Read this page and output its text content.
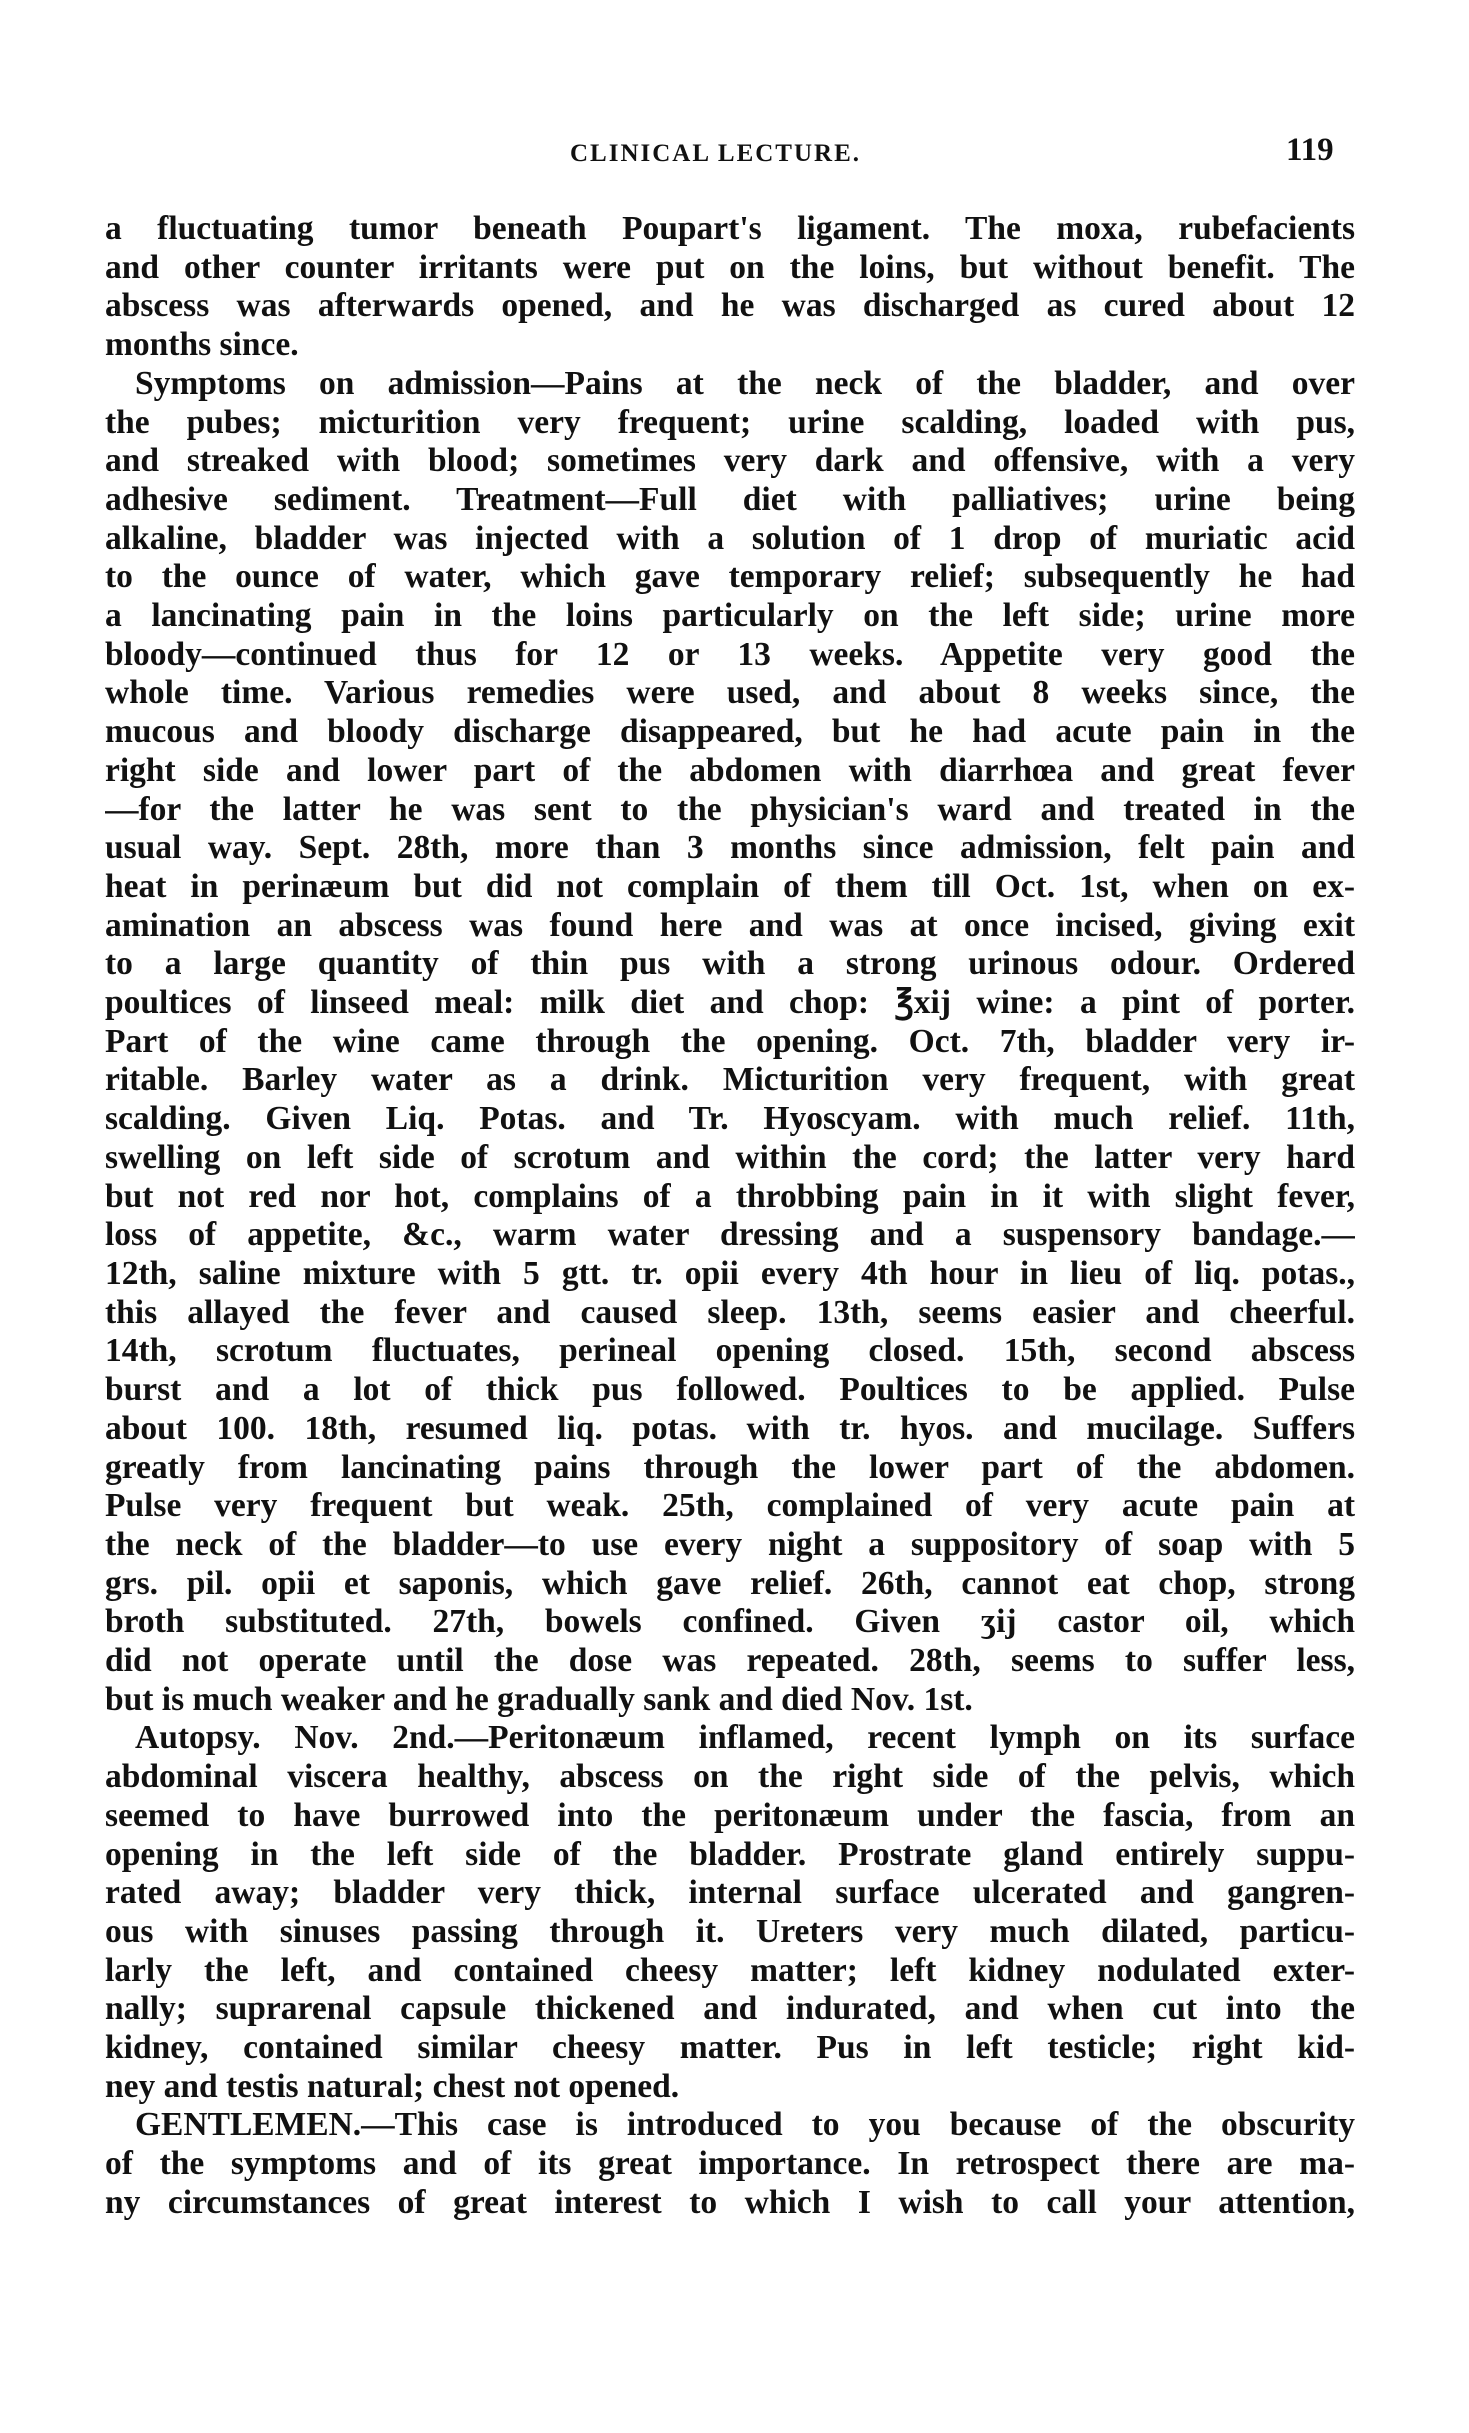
CLINICAL LECTURE.	119
a fluctuating tumor beneath Poupart's ligament. The moxa, rubefacients
and other counter irritants were put on the loins, but without benefit. The
abscess was afterwards opened, and he was discharged as cured about 12
months since.
Symptoms on admission—Pains at the neck of the bladder, and over
the pubes; micturition very frequent; urine scalding, loaded with pus,
and streaked with blood; sometimes very dark and offensive, with a very
adhesive sediment. Treatment—Full diet with palliatives; urine being
alkaline, bladder was injected with a solution of 1 drop of muriatic acid
to the ounce of water, which gave temporary relief; subsequently he had
a lancinating pain in the loins particularly on the left side; urine more
bloody—continued thus for 12 or 13 weeks. Appetite very good the
whole time. Various remedies were used, and about 8 weeks since, the
mucous and bloody discharge disappeared, but he had acute pain in the
right side and lower part of the abdomen with diarrhœa and great fever
—for the latter he was sent to the physician's ward and treated in the
usual way. Sept. 28th, more than 3 months since admission, felt pain and
heat in perinæum but did not complain of them till Oct. 1st, when on ex-
amination an abscess was found here and was at once incised, giving exit
to a large quantity of thin pus with a strong urinous odour. Ordered
poultices of linseed meal: milk diet and chop: ℥xij wine: a pint of porter.
Part of the wine came through the opening. Oct. 7th, bladder very ir-
ritable. Barley water as a drink. Micturition very frequent, with great
scalding. Given Liq. Potas. and Tr. Hyoscyam. with much relief. 11th,
swelling on left side of scrotum and within the cord; the latter very hard
but not red nor hot, complains of a throbbing pain in it with slight fever,
loss of appetite, &c., warm water dressing and a suspensory bandage.—
12th, saline mixture with 5 gtt. tr. opii every 4th hour in lieu of liq. potas.,
this allayed the fever and caused sleep. 13th, seems easier and cheerful.
14th, scrotum fluctuates, perineal opening closed. 15th, second abscess
burst and a lot of thick pus followed. Poultices to be applied. Pulse
about 100. 18th, resumed liq. potas. with tr. hyos. and mucilage. Suffers
greatly from lancinating pains through the lower part of the abdomen.
Pulse very frequent but weak. 25th, complained of very acute pain at
the neck of the bladder—to use every night a suppository of soap with 5
grs. pil. opii et saponis, which gave relief. 26th, cannot eat chop, strong
broth substituted. 27th, bowels confined. Given ʒij castor oil, which
did not operate until the dose was repeated. 28th, seems to suffer less,
but is much weaker and he gradually sank and died Nov. 1st.
Autopsy. Nov. 2nd.—Peritonæum inflamed, recent lymph on its surface
abdominal viscera healthy, abscess on the right side of the pelvis, which
seemed to have burrowed into the peritonæum under the fascia, from an
opening in the left side of the bladder. Prostrate gland entirely suppu-
rated away; bladder very thick, internal surface ulcerated and gangren-
ous with sinuses passing through it. Ureters very much dilated, particu-
larly the left, and contained cheesy matter; left kidney nodulated exter-
nally; suprarenal capsule thickened and indurated, and when cut into the
kidney, contained similar cheesy matter. Pus in left testicle; right kid-
ney and testis natural; chest not opened.
GENTLEMEN.—This case is introduced to you because of the obscurity
of the symptoms and of its great importance. In retrospect there are ma-
ny circumstances of great interest to which I wish to call your attention,
